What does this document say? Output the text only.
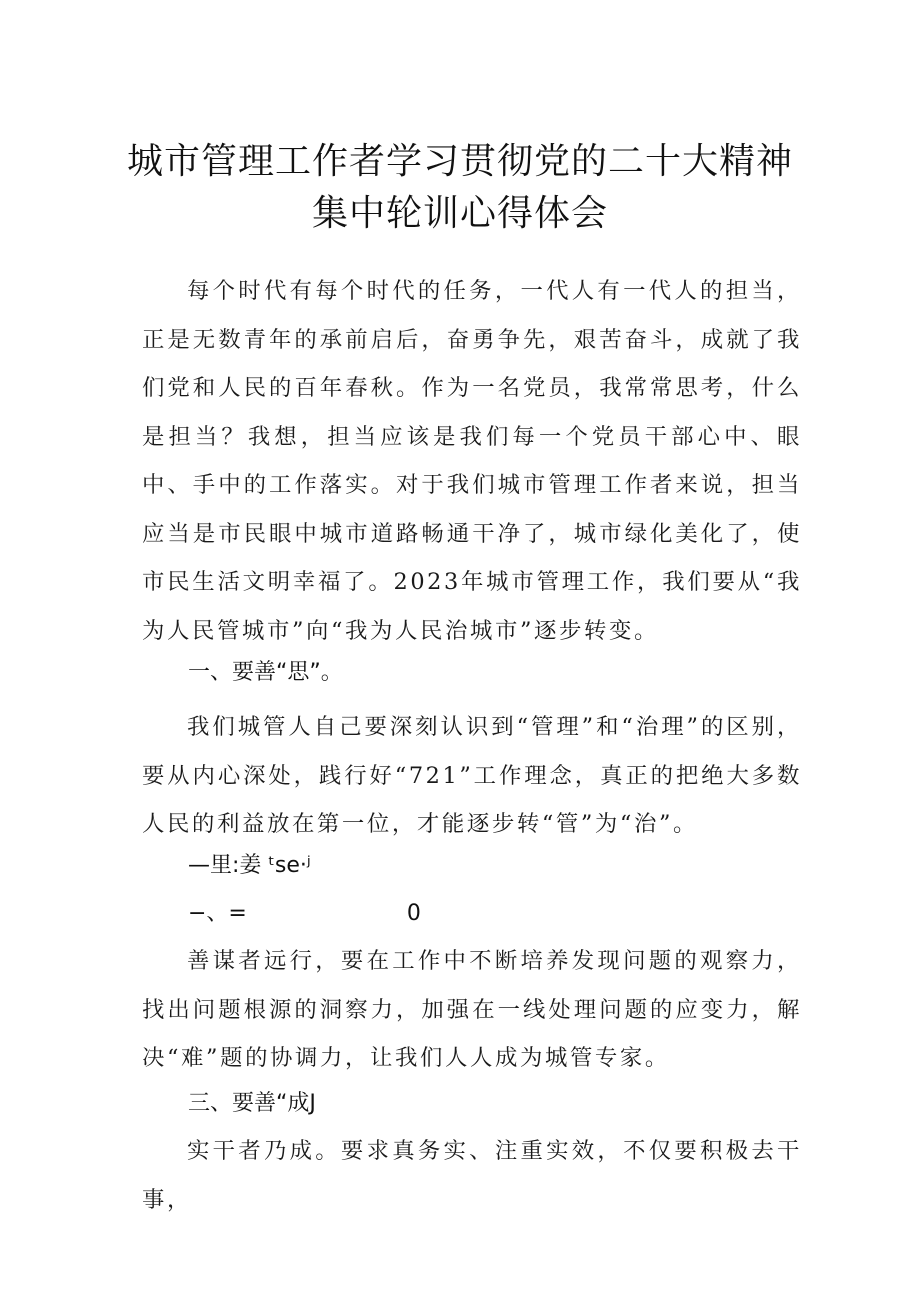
城市管理工作者学习贯彻党的二十大精神
集中轮训心得体会

每个时代有每个时代的任务，一代人有一代人的担当，正是无数青年的承前启后，奋勇争先，艰苦奋斗，成就了我们党和人民的百年春秋。作为一名党员，我常常思考，什么是担当？我想，担当应该是我们每一个党员干部心中、眼中、手中的工作落实。对于我们城市管理工作者来说，担当应当是市民眼中城市道路畅通干净了，城市绿化美化了，使市民生活文明幸福了。2023年城市管理工作，我们要从“我为人民管城市”向“我为人民治城市”逐步转变。

一、要善“思”。

我们城管人自己要深刻认识到“管理”和“治理”的区别，要从内心深处，践行好“721”工作理念，真正的把绝大多数人民的利益放在第一位，才能逐步转“管”为“治”。

—里:姜 ᵗse·ʲ

−、=	0

善谋者远行，要在工作中不断培养发现问题的观察力，找出问题根源的洞察力，加强在一线处理问题的应变力，解决“难”题的协调力，让我们人人成为城管专家。

三、要善“成J

实干者乃成。要求真务实、注重实效，不仅要积极去干事，
